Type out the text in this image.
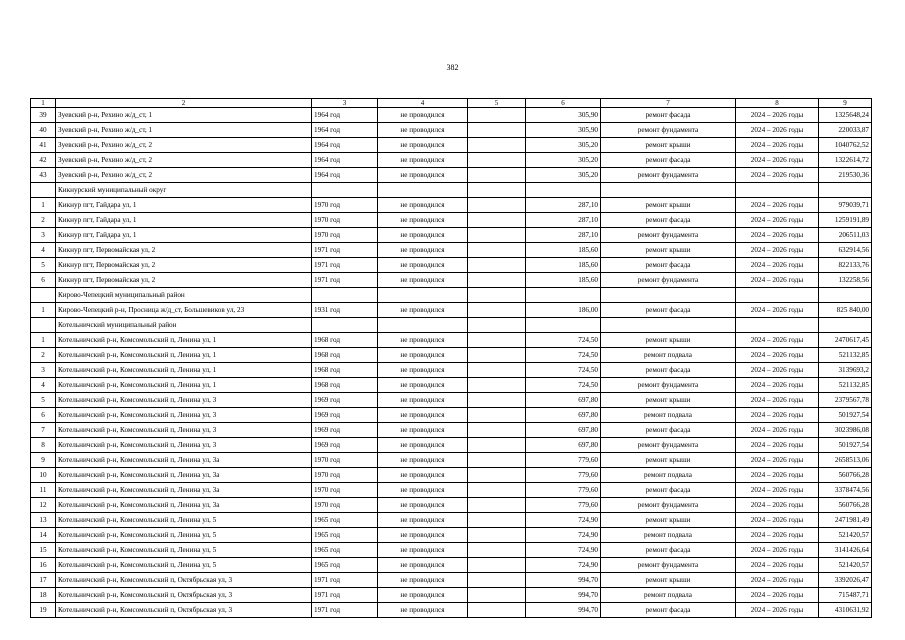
382
1	2	3	4	5	6	7	8	9
39	Зуевский р-н, Рехино ж/д_ст, 1	1964 год	не проводился		305,90	ремонт фасада	2024 – 2026 годы	1325648,24
40	Зуевский р-н, Рехино ж/д_ст, 1	1964 год	не проводился		305,90	ремонт фундамента	2024 – 2026 годы	220033,87
41	Зуевский р-н, Рехино ж/д_ст, 2	1964 год	не проводился		305,20	ремонт крыши	2024 – 2026 годы	1040762,52
42	Зуевский р-н, Рехино ж/д_ст, 2	1964 год	не проводился		305,20	ремонт фасада	2024 – 2026 годы	1322614,72
43	Зуевский р-н, Рехино ж/д_ст, 2	1964 год	не проводился		305,20	ремонт фундамента	2024 – 2026 годы	219530,36
	Кикнурский муниципальный округ							
1	Кикнур пгт, Гайдара ул, 1	1970 год	не проводился		287,10	ремонт крыши	2024 – 2026 годы	979039,71
2	Кикнур пгт, Гайдара ул, 1	1970 год	не проводился		287,10	ремонт фасада	2024 – 2026 годы	1259191,89
3	Кикнур пгт, Гайдара ул, 1	1970 год	не проводился		287,10	ремонт фундамента	2024 – 2026 годы	206511,03
4	Кикнур пгт, Первомайская ул, 2	1971 год	не проводился		185,60	ремонт крыши	2024 – 2026 годы	632914,56
5	Кикнур пгт, Первомайская ул, 2	1971 год	не проводился		185,60	ремонт фасада	2024 – 2026 годы	822133,76
6	Кикнур пгт, Первомайская ул, 2	1971 год	не проводился		185,60	ремонт фундамента	2024 – 2026 годы	132258,56
	Кирово-Чепецкий муниципальный район							
1	Кирово-Чепецкий р-н, Просница ж/д_ст, Большевиков ул, 23	1931 год	не проводился		186,00	ремонт фасада	2024 – 2026 годы	825 840,00
	Котельничский муниципальный район							
1	Котельничский р-н, Комсомольский п, Ленина ул, 1	1968 год	не проводился		724,50	ремонт крыши	2024 – 2026 годы	2470617,45
2	Котельничский р-н, Комсомольский п, Ленина ул, 1	1968 год	не проводился		724,50	ремонт подвала	2024 – 2026 годы	521132,85
3	Котельничский р-н, Комсомольский п, Ленина ул, 1	1968 год	не проводился		724,50	ремонт фасада	2024 – 2026 годы	3139693,2
4	Котельничский р-н, Комсомольский п, Ленина ул, 1	1968 год	не проводился		724,50	ремонт фундамента	2024 – 2026 годы	521132,85
5	Котельничский р-н, Комсомольский п, Ленина ул, 3	1969 год	не проводился		697,80	ремонт крыши	2024 – 2026 годы	2379567,78
6	Котельничский р-н, Комсомольский п, Ленина ул, 3	1969 год	не проводился		697,80	ремонт подвала	2024 – 2026 годы	501927,54
7	Котельничский р-н, Комсомольский п, Ленина ул, 3	1969 год	не проводился		697,80	ремонт фасада	2024 – 2026 годы	3023986,08
8	Котельничский р-н, Комсомольский п, Ленина ул, 3	1969 год	не проводился		697,80	ремонт фундамента	2024 – 2026 годы	501927,54
9	Котельничский р-н, Комсомольский п, Ленина ул, 3а	1970 год	не проводился		779,60	ремонт крыши	2024 – 2026 годы	2658513,06
10	Котельничский р-н, Комсомольский п, Ленина ул, 3а	1970 год	не проводился		779,60	ремонт подвала	2024 – 2026 годы	560766,28
11	Котельничский р-н, Комсомольский п, Ленина ул, 3а	1970 год	не проводился		779,60	ремонт фасада	2024 – 2026 годы	3378474,56
12	Котельничский р-н, Комсомольский п, Ленина ул, 3а	1970 год	не проводился		779,60	ремонт фундамента	2024 – 2026 годы	560766,28
13	Котельничский р-н, Комсомольский п, Ленина ул, 5	1965 год	не проводился		724,90	ремонт крыши	2024 – 2026 годы	2471981,49
14	Котельничский р-н, Комсомольский п, Ленина ул, 5	1965 год	не проводился		724,90	ремонт подвала	2024 – 2026 годы	521420,57
15	Котельничский р-н, Комсомольский п, Ленина ул, 5	1965 год	не проводился		724,90	ремонт фасада	2024 – 2026 годы	3141426,64
16	Котельничский р-н, Комсомольский п, Ленина ул, 5	1965 год	не проводился		724,90	ремонт фундамента	2024 – 2026 годы	521420,57
17	Котельничский р-н, Комсомольский п, Октябрьская ул, 3	1971 год	не проводился		994,70	ремонт крыши	2024 – 2026 годы	3392026,47
18	Котельничский р-н, Комсомольский п, Октябрьская ул, 3	1971 год	не проводился		994,70	ремонт подвала	2024 – 2026 годы	715487,71
19	Котельничский р-н, Комсомольский п, Октябрьская ул, 3	1971 год	не проводился		994,70	ремонт фасада	2024 – 2026 годы	4310631,92
